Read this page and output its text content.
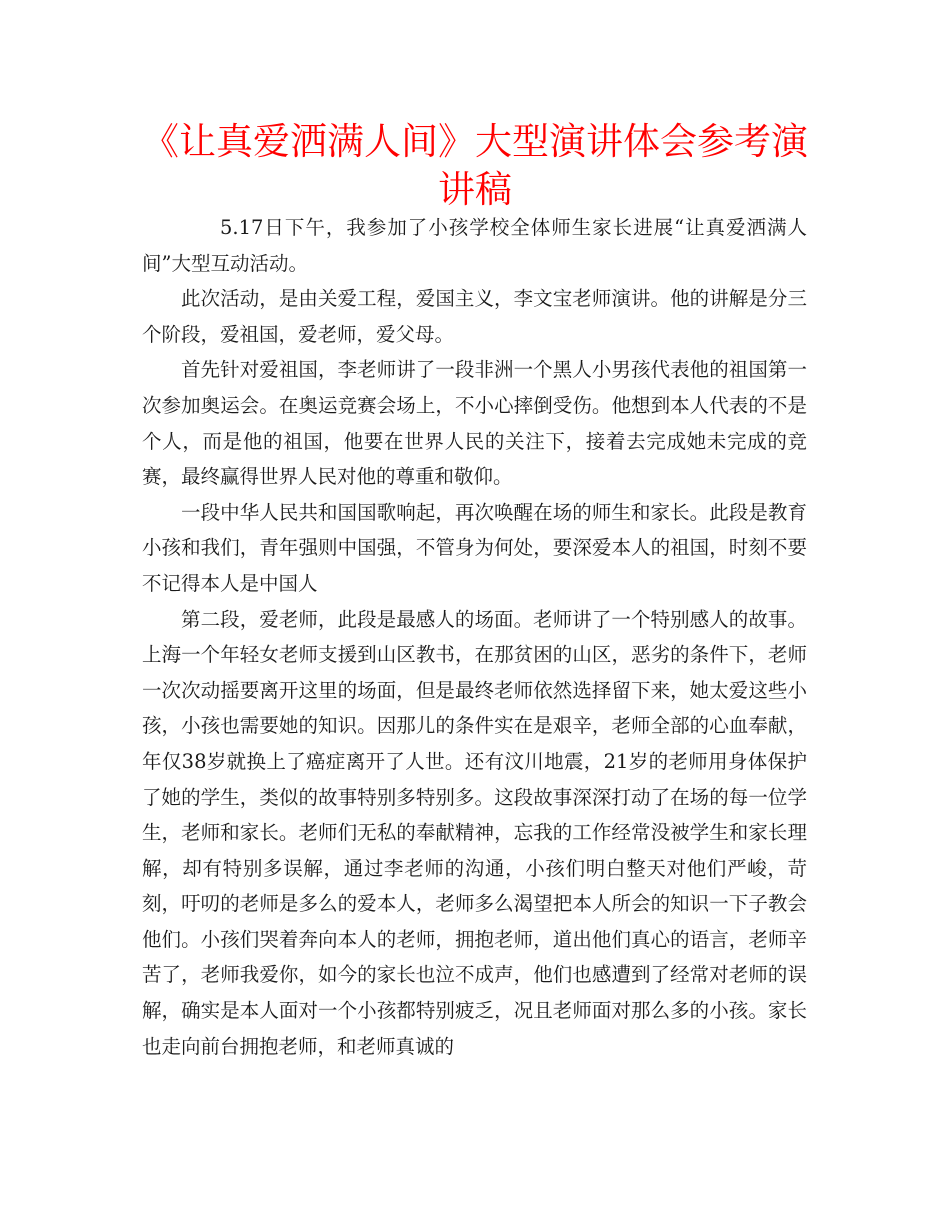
《让真爱洒满人间》大型演讲体会参考演讲稿

5.17日下午，我参加了小孩学校全体师生家长进展“让真爱洒满人间”大型互动活动。

此次活动，是由关爱工程，爱国主义，李文宝老师演讲。他的讲解是分三个阶段，爱祖国，爱老师，爱父母。

首先针对爱祖国，李老师讲了一段非洲一个黑人小男孩代表他的祖国第一次参加奥运会。在奥运竞赛会场上，不小心摔倒受伤。他想到本人代表的不是个人，而是他的祖国，他要在世界人民的关注下，接着去完成她未完成的竞赛，最终赢得世界人民对他的尊重和敬仰。

一段中华人民共和国国歌响起，再次唤醒在场的师生和家长。此段是教育小孩和我们，青年强则中国强，不管身为何处，要深爱本人的祖国，时刻不要不记得本人是中国人

第二段，爱老师，此段是最感人的场面。老师讲了一个特别感人的故事。上海一个年轻女老师支援到山区教书，在那贫困的山区，恶劣的条件下，老师一次次动摇要离开这里的场面，但是最终老师依然选择留下来，她太爱这些小孩，小孩也需要她的知识。因那儿的条件实在是艰辛，老师全部的心血奉献，年仅38岁就换上了癌症离开了人世。还有汶川地震，21岁的老师用身体保护了她的学生，类似的故事特别多特别多。这段故事深深打动了在场的每一位学生，老师和家长。老师们无私的奉献精神，忘我的工作经常没被学生和家长理解，却有特别多误解，通过李老师的沟通，小孩们明白整天对他们严峻，苛刻，吁叨的老师是多么的爱本人，老师多么渴望把本人所会的知识一下子教会他们。小孩们哭着奔向本人的老师，拥抱老师，道出他们真心的语言，老师辛苦了，老师我爱你，如今的家长也泣不成声，他们也感遭到了经常对老师的误解，确实是本人面对一个小孩都特别疲乏，况且老师面对那么多的小孩。家长也走向前台拥抱老师，和老师真诚的
